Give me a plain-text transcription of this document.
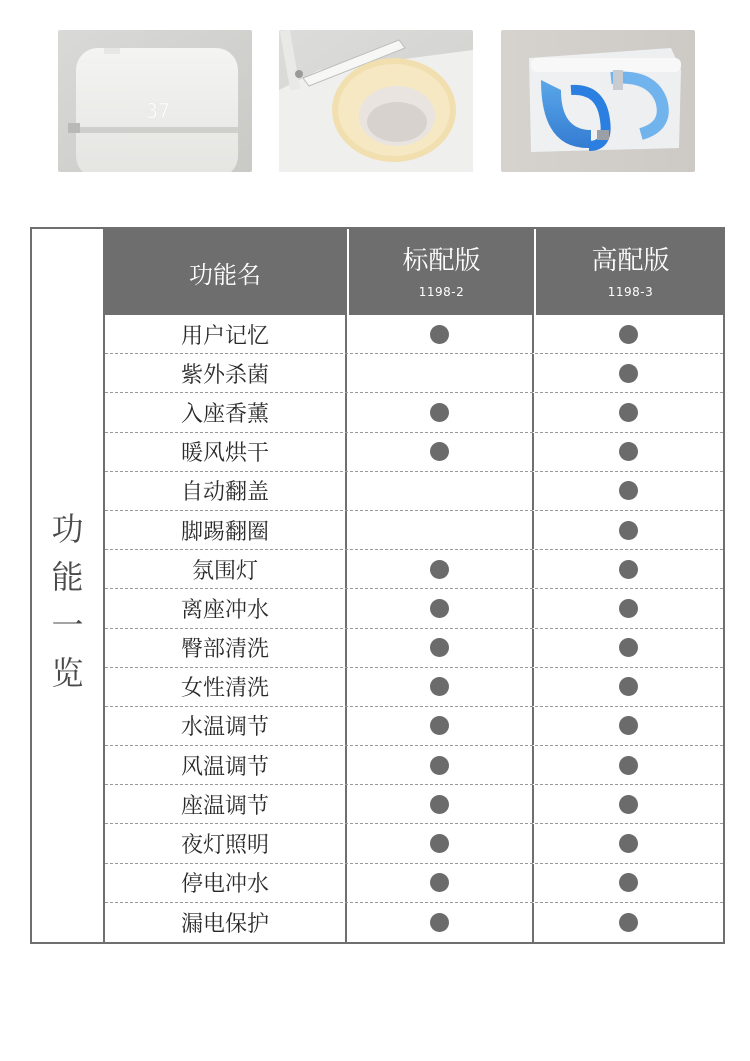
37
功
能
一
览
功能名	标配版
1198-2
高配版
1198-3
用户记忆
紫外杀菌
入座香薰
暖风烘干
自动翻盖
脚踢翻圈
氛围灯
离座冲水
臀部清洗
女性清洗
水温调节
风温调节
座温调节
夜灯照明
停电冲水
漏电保护
